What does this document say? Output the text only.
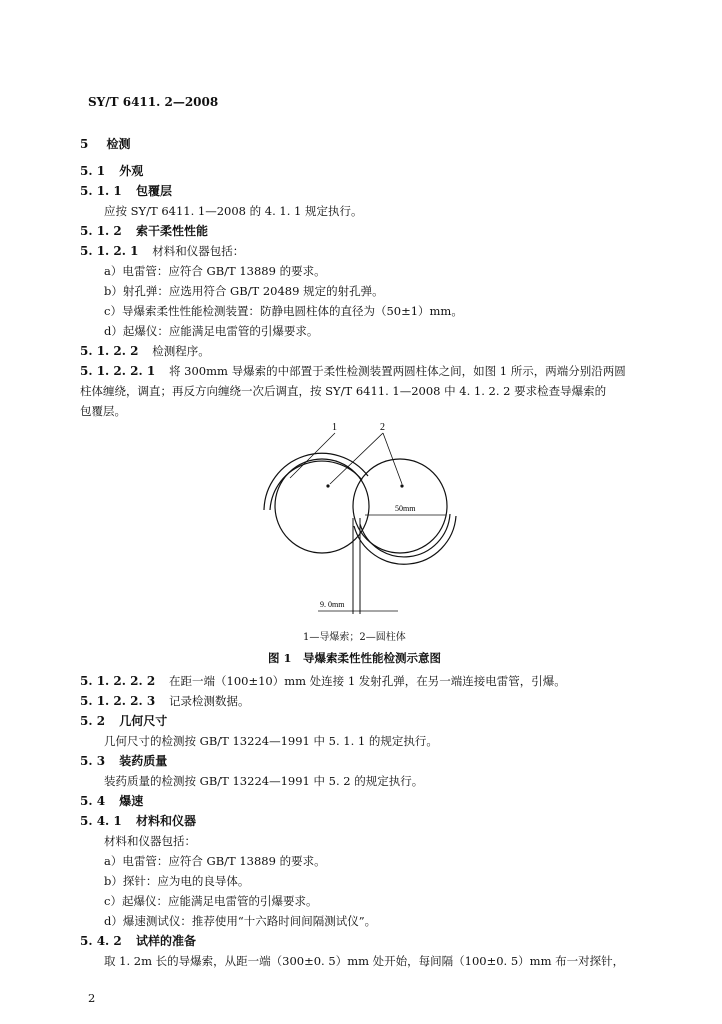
SY/T 6411. 2—2008
5 检测
5. 1 外观
5. 1. 1 包覆层
应按 SY/T 6411. 1—2008 的 4. 1. 1 规定执行。
5. 1. 2 索干柔性性能
5. 1. 2. 1 材料和仪器包括：
a）电雷管：应符合 GB/T 13889 的要求。
b）射孔弹：应选用符合 GB/T 20489 规定的射孔弹。
c）导爆索柔性性能检测装置：防静电圆柱体的直径为（50±1）mm。
d）起爆仪：应能满足电雷管的引爆要求。
5. 1. 2. 2 检测程序。
5. 1. 2. 2. 1 将 300mm 导爆索的中部置于柔性检测装置两圆柱体之间，如图 1 所示，两端分别沿两圆
柱体缠绕，调直；再反方向缠绕一次后调直，按 SY/T 6411. 1—2008 中 4. 1. 2. 2 要求检查导爆索的
包覆层。
50mm
9. 0mm
1	2
1—导爆索；2—圆柱体
图 1　导爆索柔性性能检测示意图
5. 1. 2. 2. 2 在距一端（100±10）mm 处连接 1 发射孔弹，在另一端连接电雷管，引爆。
5. 1. 2. 2. 3 记录检测数据。
5. 2 几何尺寸
几何尺寸的检测按 GB/T 13224—1991 中 5. 1. 1 的规定执行。
5. 3 装药质量
装药质量的检测按 GB/T 13224—1991 中 5. 2 的规定执行。
5. 4 爆速
5. 4. 1 材料和仪器
材料和仪器包括：
a）电雷管：应符合 GB/T 13889 的要求。
b）探针：应为电的良导体。
c）起爆仪：应能满足电雷管的引爆要求。
d）爆速测试仪：推荐使用“十六路时间间隔测试仪”。
5. 4. 2 试样的准备
取 1. 2m 长的导爆索，从距一端（300±0. 5）mm 处开始，每间隔（100±0. 5）mm 布一对探针，
2
